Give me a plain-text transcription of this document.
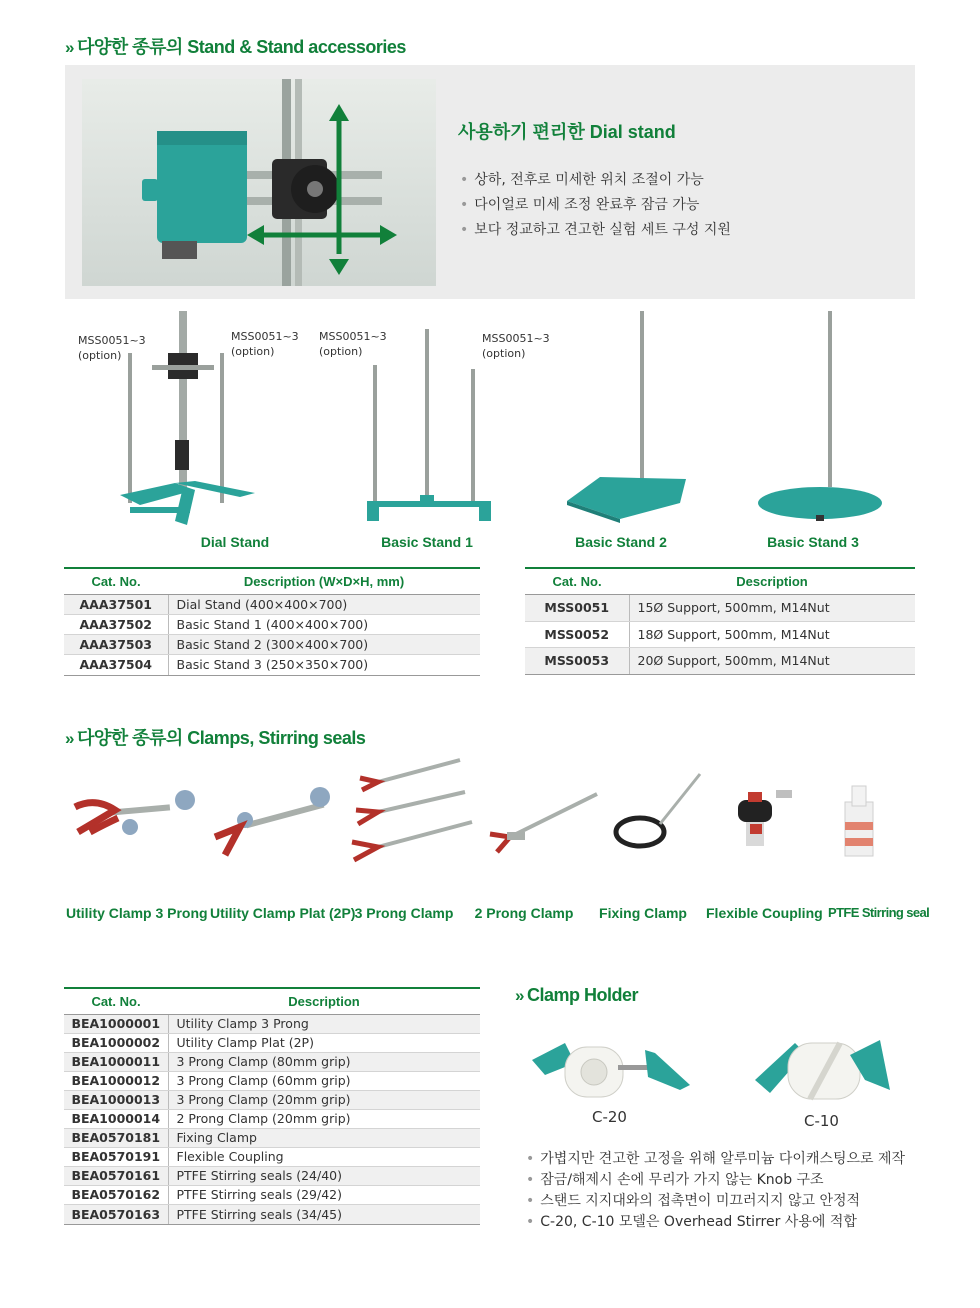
» 다양한 종류의 Stand & Stand accessories
사용하기 편리한 Dial stand
• 상하, 전후로 미세한 위치 조절이 가능
• 다이얼로 미세 조정 완료후 잠금 가능
• 보다 정교하고 견고한 실험 세트 구성 지원
MSS0051~3
(option)
MSS0051~3
(option)
MSS0051~3
(option)
MSS0051~3
(option)
Dial Stand	Basic Stand 1	Basic Stand 2	Basic Stand 3
Cat. No.	Description (W×D×H, mm)
AAA37501	Dial Stand (400×400×700)
AAA37502	Basic Stand 1 (400×400×700)
AAA37503	Basic Stand 2 (300×400×700)
AAA37504	Basic Stand 3 (250×350×700)
Cat. No.	Description
MSS0051	15Ø Support, 500mm, M14Nut
MSS0052	18Ø Support, 500mm, M14Nut
MSS0053	20Ø Support, 500mm, M14Nut
» 다양한 종류의 Clamps, Stirring seals
Utility Clamp 3 Prong Utility Clamp Plat (2P) 3 Prong Clamp 2 Prong Clamp Fixing Clamp Flexible Coupling PTFE Stirring seal
Cat. No.	Description
BEA1000001	Utility Clamp 3 Prong
BEA1000002	Utility Clamp Plat (2P)
BEA1000011	3 Prong Clamp (80mm grip)
BEA1000012	3 Prong Clamp (60mm grip)
BEA1000013	3 Prong Clamp (20mm grip)
BEA1000014	2 Prong Clamp (20mm grip)
BEA0570181	Fixing Clamp
BEA0570191	Flexible Coupling
BEA0570161	PTFE Stirring seals (24/40)
BEA0570162	PTFE Stirring seals (29/42)
BEA0570163	PTFE Stirring seals (34/45)
» Clamp Holder
C-20	C-10
• 가볍지만 견고한 고정을 위해 알루미늄 다이캐스팅으로 제작
• 잠금/해제시 손에 무리가 가지 않는 Knob 구조
• 스탠드 지지대와의 접촉면이 미끄러지지 않고 안정적
• C-20, C-10 모델은 Overhead Stirrer 사용에 적합
